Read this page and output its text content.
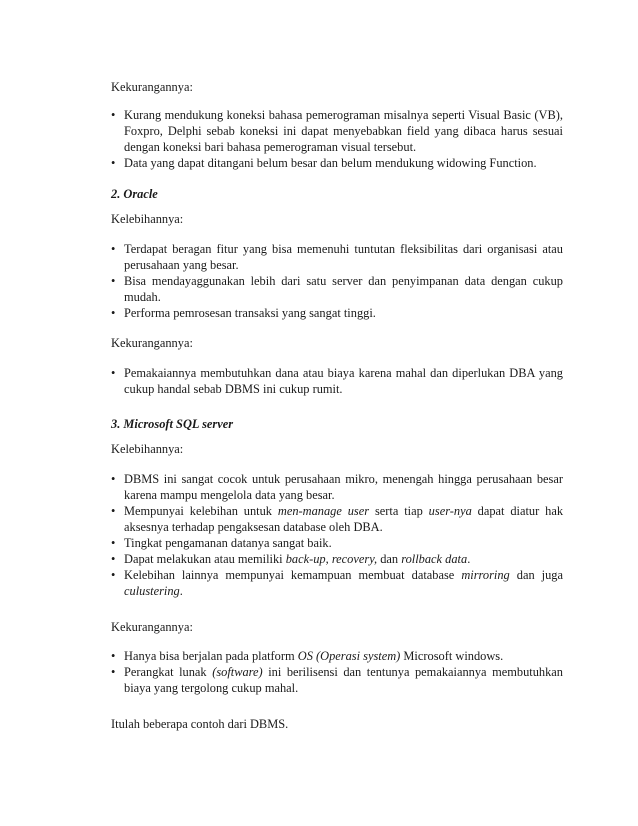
Kekurangannya:

• Kurang mendukung koneksi bahasa pemerograman misalnya seperti Visual Basic (VB), Foxpro, Delphi sebab koneksi ini dapat menyebabkan field yang dibaca harus sesuai dengan koneksi bari bahasa pemerograman visual tersebut.
• Data yang dapat ditangani belum besar dan belum mendukung widowing Function.

2. Oracle

Kelebihannya:

• Terdapat beragan fitur yang bisa memenuhi tuntutan fleksibilitas dari organisasi atau perusahaan yang besar.
• Bisa mendayaggunakan lebih dari satu server dan penyimpanan data dengan cukup mudah.
• Performa pemrosesan transaksi yang sangat tinggi.

Kekurangannya:

• Pemakaiannya membutuhkan dana atau biaya karena mahal dan diperlukan DBA yang cukup handal sebab DBMS ini cukup rumit.

3. Microsoft SQL server

Kelebihannya:

• DBMS ini sangat cocok untuk perusahaan mikro, menengah hingga perusahaan besar karena mampu mengelola data yang besar.
• Mempunyai kelebihan untuk men-manage user serta tiap user-nya dapat diatur hak aksesnya terhadap pengaksesan database oleh DBA.
• Tingkat pengamanan datanya sangat baik.
• Dapat melakukan atau memiliki back-up, recovery, dan rollback data.
• Kelebihan lainnya mempunyai kemampuan membuat database mirroring dan juga culustering.

Kekurangannya:

• Hanya bisa berjalan pada platform OS (Operasi system) Microsoft windows.
• Perangkat lunak (software) ini berilisensi dan tentunya pemakaiannya membutuhkan biaya yang tergolong cukup mahal.

Itulah beberapa contoh dari DBMS.
